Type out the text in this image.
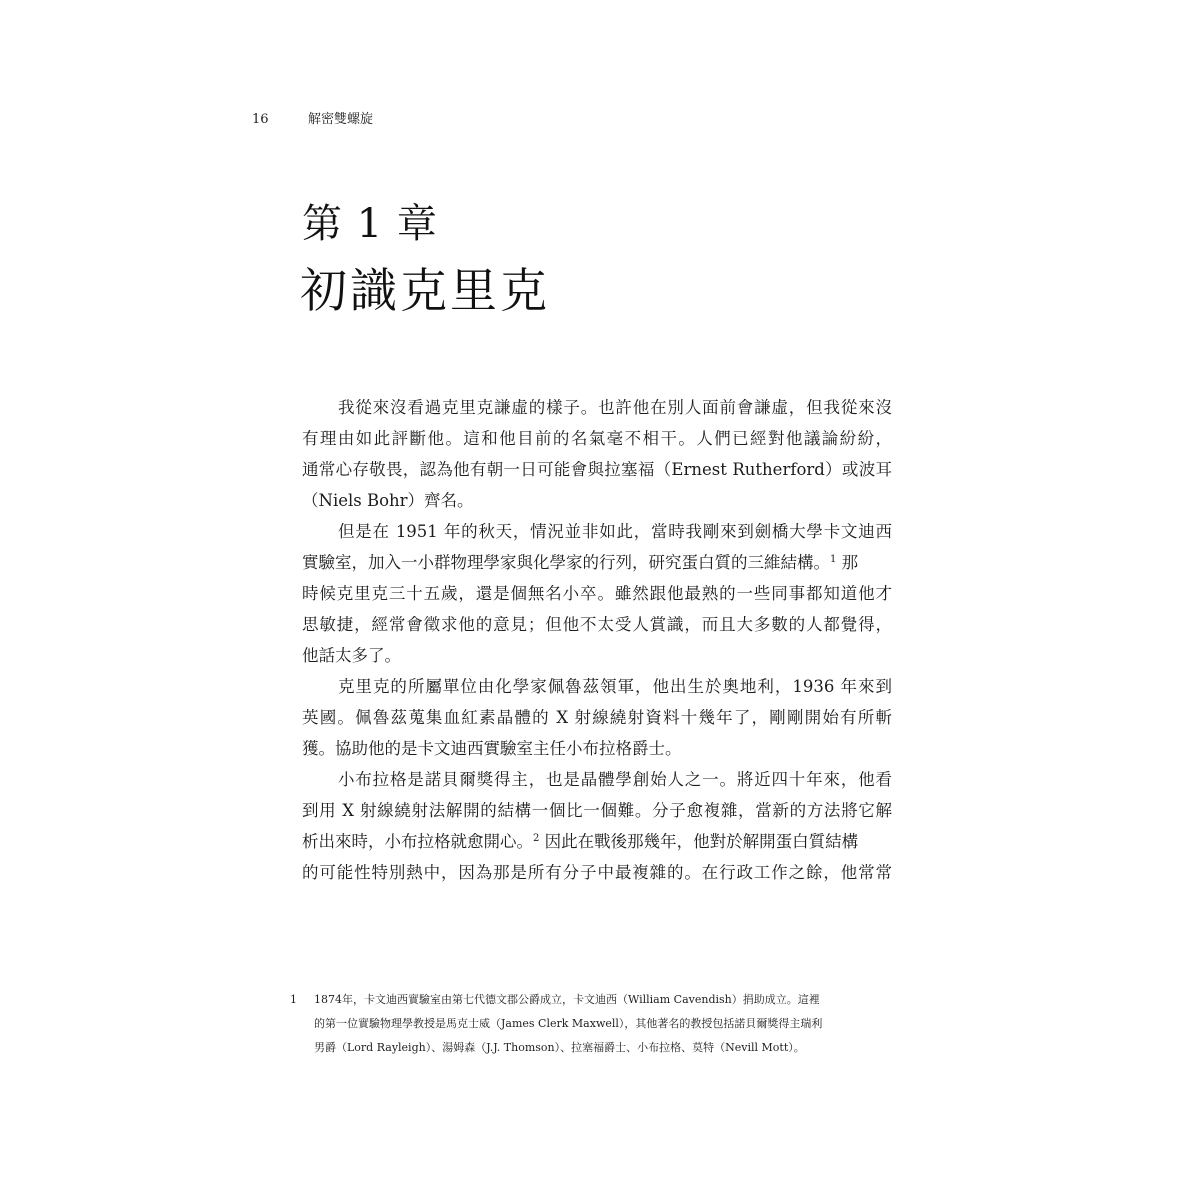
16	解密雙螺旋
第 1 章
初識克里克
我從來沒看過克里克謙虛的樣子。也許他在別人面前會謙虛，但我從來沒
有理由如此評斷他。這和他目前的名氣毫不相干。人們已經對他議論紛紛，
通常心存敬畏，認為他有朝一日可能會與拉塞福（Ernest Rutherford）或波耳
（Niels Bohr）齊名。
但是在 1951 年的秋天，情況並非如此，當時我剛來到劍橋大學卡文迪西
實驗室，加入一小群物理學家與化學家的行列，研究蛋白質的三維結構。$^1$ 那
時候克里克三十五歲，還是個無名小卒。雖然跟他最熟的一些同事都知道他才
思敏捷，經常會徵求他的意見；但他不太受人賞識，而且大多數的人都覺得，
他話太多了。
克里克的所屬單位由化學家佩魯茲領軍，他出生於奧地利，1936 年來到
英國。佩魯茲蒐集血紅素晶體的 X 射線繞射資料十幾年了，剛剛開始有所斬
獲。協助他的是卡文迪西實驗室主任小布拉格爵士。
小布拉格是諾貝爾獎得主，也是晶體學創始人之一。將近四十年來，他看
到用 X 射線繞射法解開的結構一個比一個難。分子愈複雜，當新的方法將它解
析出來時，小布拉格就愈開心。$^2$ 因此在戰後那幾年，他對於解開蛋白質結構
的可能性特別熱中，因為那是所有分子中最複雜的。在行政工作之餘，他常常
1 1874年，卡文迪西實驗室由第七代德文郡公爵成立，卡文迪西（William Cavendish）捐助成立。這裡
的第一位實驗物理學教授是馬克士威（James Clerk Maxwell），其他著名的教授包括諾貝爾獎得主瑞利
男爵（Lord Rayleigh）、湯姆森（J.J. Thomson）、拉塞福爵士、小布拉格、莫特（Nevill Mott）。
